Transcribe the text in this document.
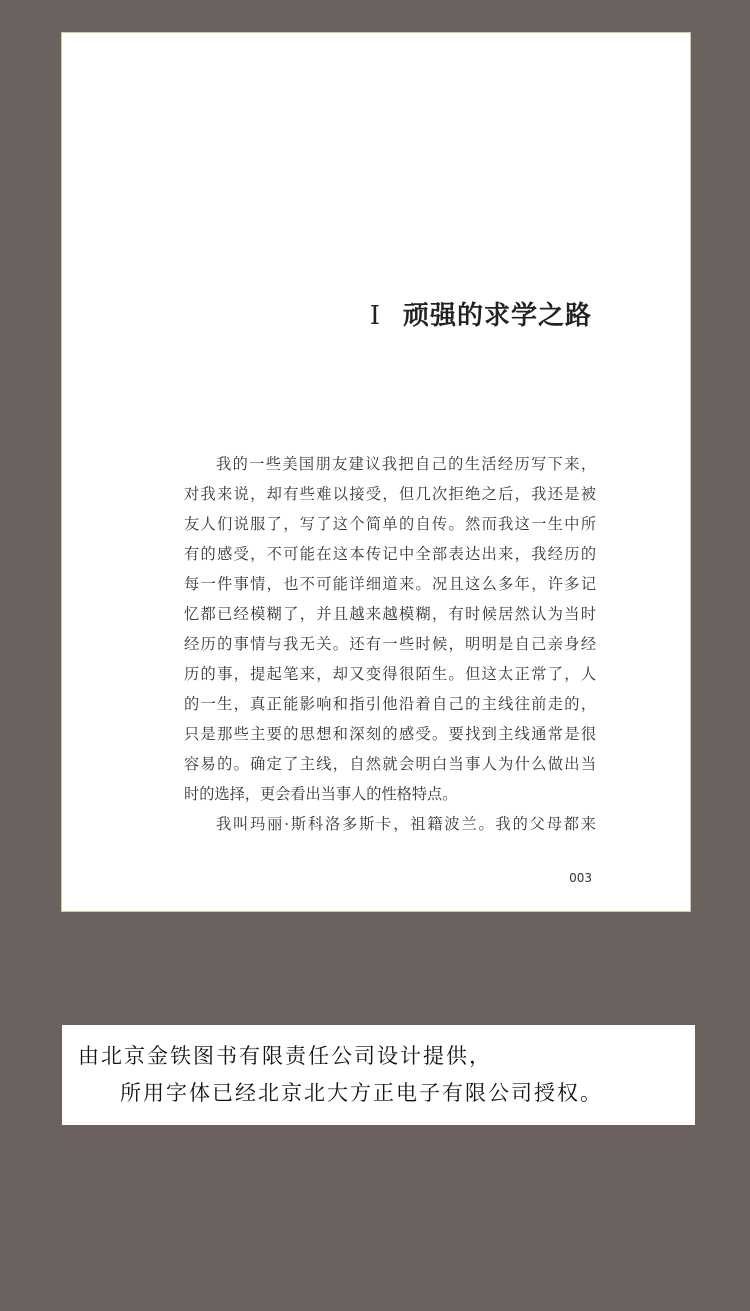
I 顽强的求学之路
我的一些美国朋友建议我把自己的生活经历写下来，
对我来说，却有些难以接受，但几次拒绝之后，我还是被
友人们说服了，写了这个简单的自传。然而我这一生中所
有的感受，不可能在这本传记中全部表达出来，我经历的
每一件事情，也不可能详细道来。况且这么多年，许多记
忆都已经模糊了，并且越来越模糊，有时候居然认为当时
经历的事情与我无关。还有一些时候，明明是自己亲身经
历的事，提起笔来，却又变得很陌生。但这太正常了，人
的一生，真正能影响和指引他沿着自己的主线往前走的，
只是那些主要的思想和深刻的感受。要找到主线通常是很
容易的。确定了主线，自然就会明白当事人为什么做出当
时的选择，更会看出当事人的性格特点。
我叫玛丽·斯科洛多斯卡，祖籍波兰。我的父母都来
003
由北京金铁图书有限责任公司设计提供，
所用字体已经北京北大方正电子有限公司授权。
